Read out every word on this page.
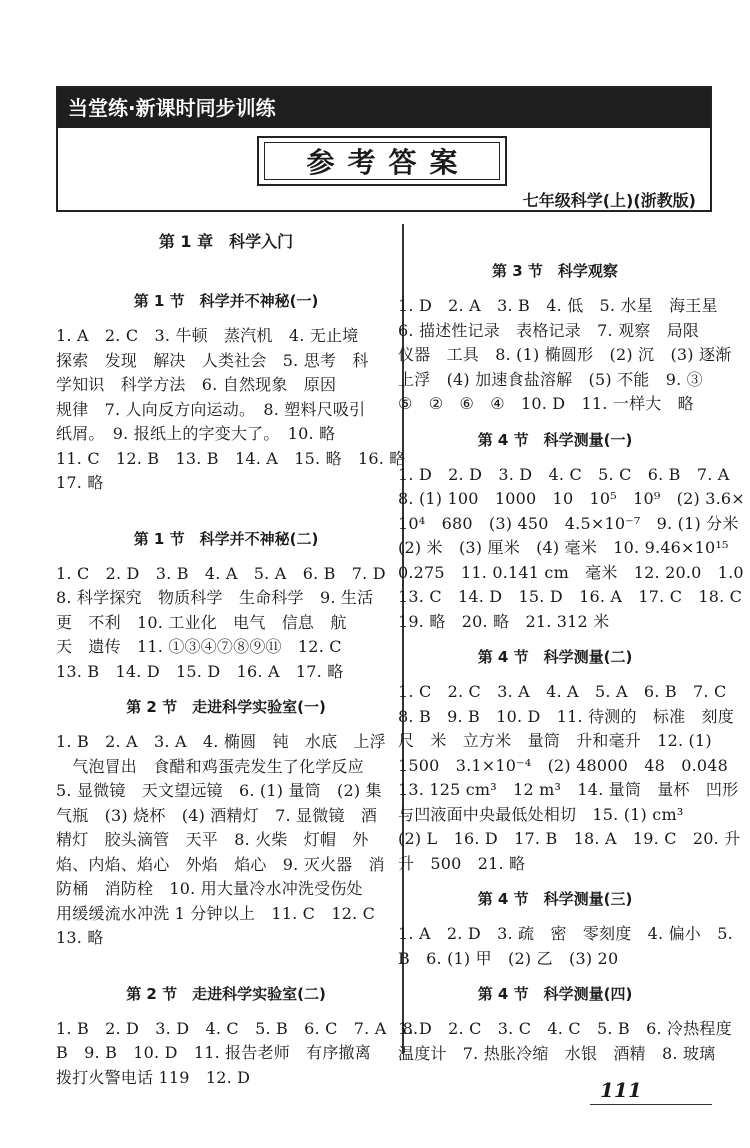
当堂练·新课时同步训练
参考答案
七年级科学(上)(浙教版)
第 1 章　科学入门
第 1 节　科学并不神秘(一)
1. A　2. C　3. 牛顿　蒸汽机　4. 无止境
探索　发现　解决　人类社会　5. 思考　科
学知识　科学方法　6. 自然现象　原因
规律　7. 人向反方向运动。　8. 塑料尺吸引
纸屑。　9. 报纸上的字变大了。　10. 略
11. C　12. B　13. B　14. A　15. 略　16. 略
17. 略
第 1 节　科学并不神秘(二)
1. C　2. D　3. B　4. A　5. A　6. B　7. D
8. 科学探究　物质科学　生命科学　9. 生活
更　不利　10. 工业化　电气　信息　航
天　遗传　11. ①③④⑦⑧⑨⑪　12. C
13. B　14. D　15. D　16. A　17. 略
第 2 节　走进科学实验室(一)
1. B　2. A　3. A　4. 椭圆　钝　水底　上浮
　气泡冒出　食醋和鸡蛋壳发生了化学反应
5. 显微镜　天文望远镜　6. (1) 量筒　(2) 集
气瓶　(3) 烧杯　(4) 酒精灯　7. 显微镜　酒
精灯　胶头滴管　天平　8. 火柴　灯帽　外
焰、内焰、焰心　外焰　焰心　9. 灭火器　消
防桶　消防栓　10. 用大量冷水冲洗受伤处
用缓缓流水冲洗 1 分钟以上　11. C　12. C
13. 略
第 2 节　走进科学实验室(二)
1. B　2. D　3. D　4. C　5. B　6. C　7. A　8.
B　9. B　10. D　11. 报告老师　有序撤离
拨打火警电话 119　12. D
第 3 节　科学观察
1. D　2. A　3. B　4. 低　5. 水星　海王星
6. 描述性记录　表格记录　7. 观察　局限
仪器　工具　8. (1) 椭圆形　(2) 沉　(3) 逐渐
上浮　(4) 加速食盐溶解　(5) 不能　9. ③
⑤　②　⑥　④　10. D　11. 一样大　略
第 4 节　科学测量(一)
1. D　2. D　3. D　4. C　5. C　6. B　7. A
8. (1) 100　1000　10　10⁵　10⁹　(2) 3.6×
10⁴　680　(3) 450　4.5×10⁻⁷　9. (1) 分米
(2) 米　(3) 厘米　(4) 毫米　10. 9.46×10¹⁵
0.275　11. 0.141 cm　毫米　12. 20.0　1.0
13. C　14. D　15. D　16. A　17. C　18. C
19. 略　20. 略　21. 312 米
第 4 节　科学测量(二)
1. C　2. C　3. A　4. A　5. A　6. B　7. C
8. B　9. B　10. D　11. 待测的　标准　刻度
尺　米　立方米　量筒　升和毫升　12. (1)
1500　3.1×10⁻⁴　(2) 48000　48　0.048
13. 125 cm³　12 m³　14. 量筒　量杯　凹形
与凹液面中央最低处相切　15. (1) cm³
(2) L　16. D　17. B　18. A　19. C　20. 升
升　500　21. 略
第 4 节　科学测量(三)
1. A　2. D　3. 疏　密　零刻度　4. 偏小　5.
B　6. (1) 甲　(2) 乙　(3) 20
第 4 节　科学测量(四)
1. D　2. C　3. C　4. C　5. B　6. 冷热程度
温度计　7. 热胀冷缩　水银　酒精　8. 玻璃
111
